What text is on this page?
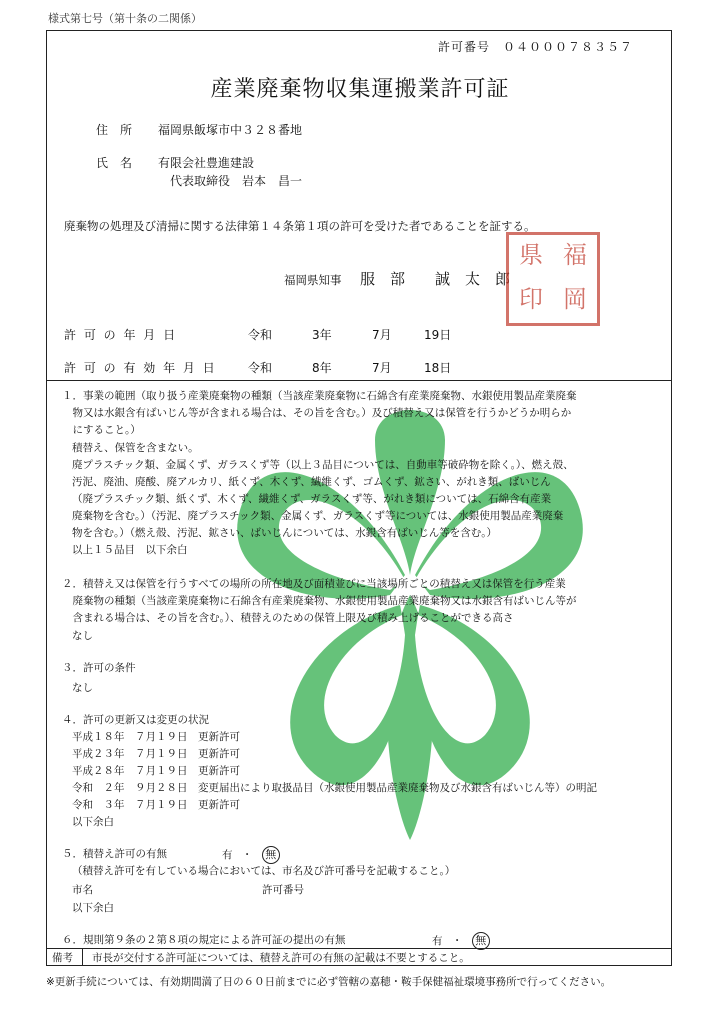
様式第七号（第十条の二関係）
許可番号　０４０００７８３５７
産業廃棄物収集運搬業許可証
住　所 福岡県飯塚市中３２８番地
氏　名 有限会社豊進建設
代表取締役　岩本　昌一
廃棄物の処理及び清掃に関する法律第１４条第１項の許可を受けた者であることを証する。
福岡県知事 服　部　　誠　太　郎
県 福
印 岡
許 可 の 年 月 日	令和	3年	7月	19日
許 可 の 有 効 年 月 日	令和	8年	7月	18日
１．事業の範囲（取り扱う産業廃棄物の種類（当該産業廃棄物に石綿含有産業廃棄物、水銀使用製品産業廃棄
　物又は水銀含有ばいじん等が含まれる場合は、その旨を含む。）及び積替え又は保管を行うかどうか明らか
　にすること。）
積替え、保管を含まない。
廃プラスチック類、金属くず、ガラスくず等（以上３品目については、自動車等破砕物を除く。）、燃え殻、
汚泥、廃油、廃酸、廃アルカリ、紙くず、木くず、繊維くず、ゴムくず、鉱さい、がれき類、ばいじん
（廃プラスチック類、紙くず、木くず、繊維くず、ガラスくず等、がれき類については、石綿含有産業
廃棄物を含む。）（汚泥、廃プラスチック類、金属くず、ガラスくず等については、水銀使用製品産業廃棄
物を含む。）（燃え殻、汚泥、鉱さい、ばいじんについては、水銀含有ばいじん等を含む。）
以上１５品目　以下余白
２．積替え又は保管を行うすべての場所の所在地及び面積並びに当該場所ごとの積替え又は保管を行う産業
　廃棄物の種類（当該産業廃棄物に石綿含有産業廃棄物、水銀使用製品産業廃棄物又は水銀含有ばいじん等が
　含まれる場合は、その旨を含む。）、積替えのための保管上限及び積み上げることができる高さ
なし
３．許可の条件
なし
４．許可の更新又は変更の状況
平成１８年　７月１９日　更新許可
平成２３年　７月１９日　更新許可
平成２８年　７月１９日　更新許可
令和　２年　９月２８日　変更届出により取扱品目（水銀使用製品産業廃棄物及び水銀含有ばいじん等）の明記
令和　３年　７月１９日　更新許可
以下余白
５．積替え許可の有無	有 ・ 無
（積替え許可を有している場合においては、市名及び許可番号を記載すること。）
市名	許可番号
以下余白
６．規則第９条の２第８項の規定による許可証の提出の有無	有 ・ 無
備考 市長が交付する許可証については、積替え許可の有無の記載は不要とすること。
※更新手続については、有効期間満了日の６０日前までに必ず管轄の嘉穂・鞍手保健福祉環境事務所で行ってください。
